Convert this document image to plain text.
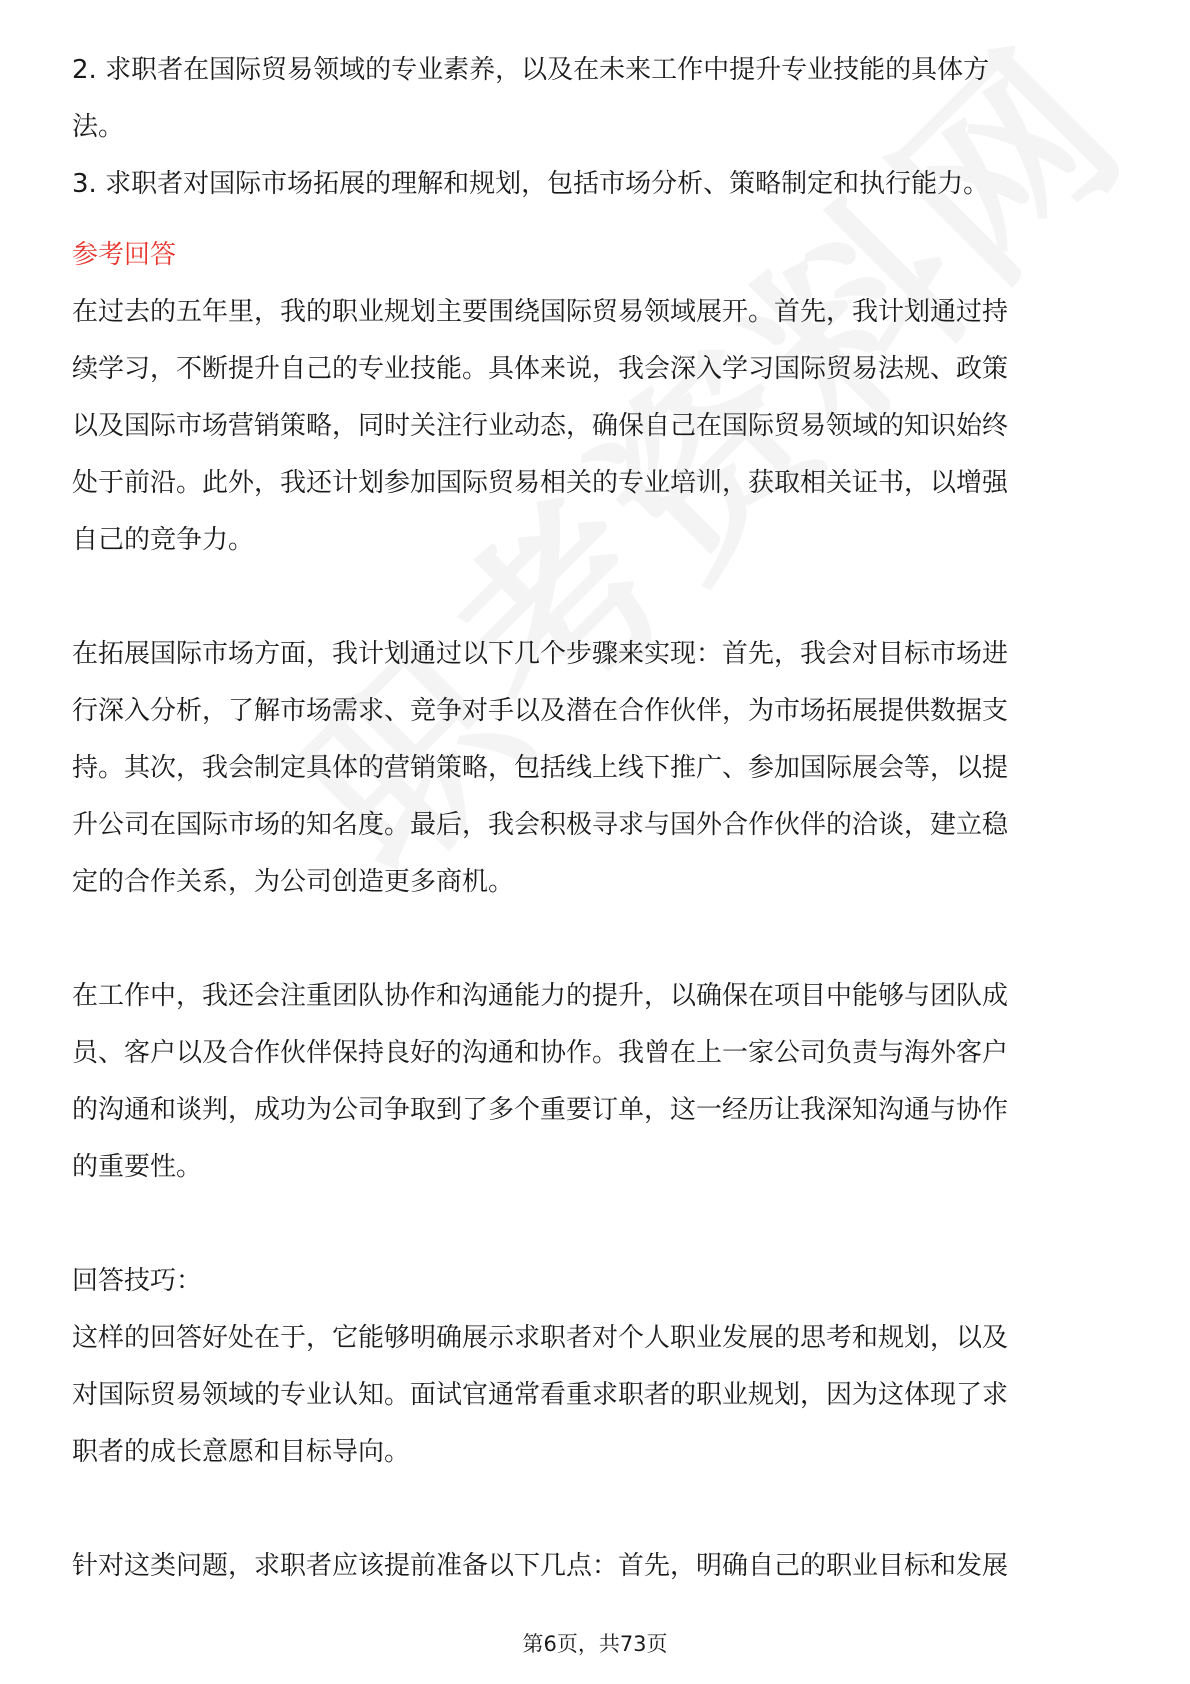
2. 求职者在国际贸易领域的专业素养，以及在未来工作中提升专业技能的具体方
法。
3. 求职者对国际市场拓展的理解和规划，包括市场分析、策略制定和执行能力。
参考回答
在过去的五年里，我的职业规划主要围绕国际贸易领域展开。首先，我计划通过持
续学习，不断提升自己的专业技能。具体来说，我会深入学习国际贸易法规、政策
以及国际市场营销策略，同时关注行业动态，确保自己在国际贸易领域的知识始终
处于前沿。此外，我还计划参加国际贸易相关的专业培训，获取相关证书，以增强
自己的竞争力。
在拓展国际市场方面，我计划通过以下几个步骤来实现：首先，我会对目标市场进
行深入分析，了解市场需求、竞争对手以及潜在合作伙伴，为市场拓展提供数据支
持。其次，我会制定具体的营销策略，包括线上线下推广、参加国际展会等，以提
升公司在国际市场的知名度。最后，我会积极寻求与国外合作伙伴的洽谈，建立稳
定的合作关系，为公司创造更多商机。
在工作中，我还会注重团队协作和沟通能力的提升，以确保在项目中能够与团队成
员、客户以及合作伙伴保持良好的沟通和协作。我曾在上一家公司负责与海外客户
的沟通和谈判，成功为公司争取到了多个重要订单，这一经历让我深知沟通与协作
的重要性。
回答技巧：
这样的回答好处在于，它能够明确展示求职者对个人职业发展的思考和规划，以及
对国际贸易领域的专业认知。面试官通常看重求职者的职业规划，因为这体现了求
职者的成长意愿和目标导向。
针对这类问题，求职者应该提前准备以下几点：首先，明确自己的职业目标和发展
第6页，共73页
